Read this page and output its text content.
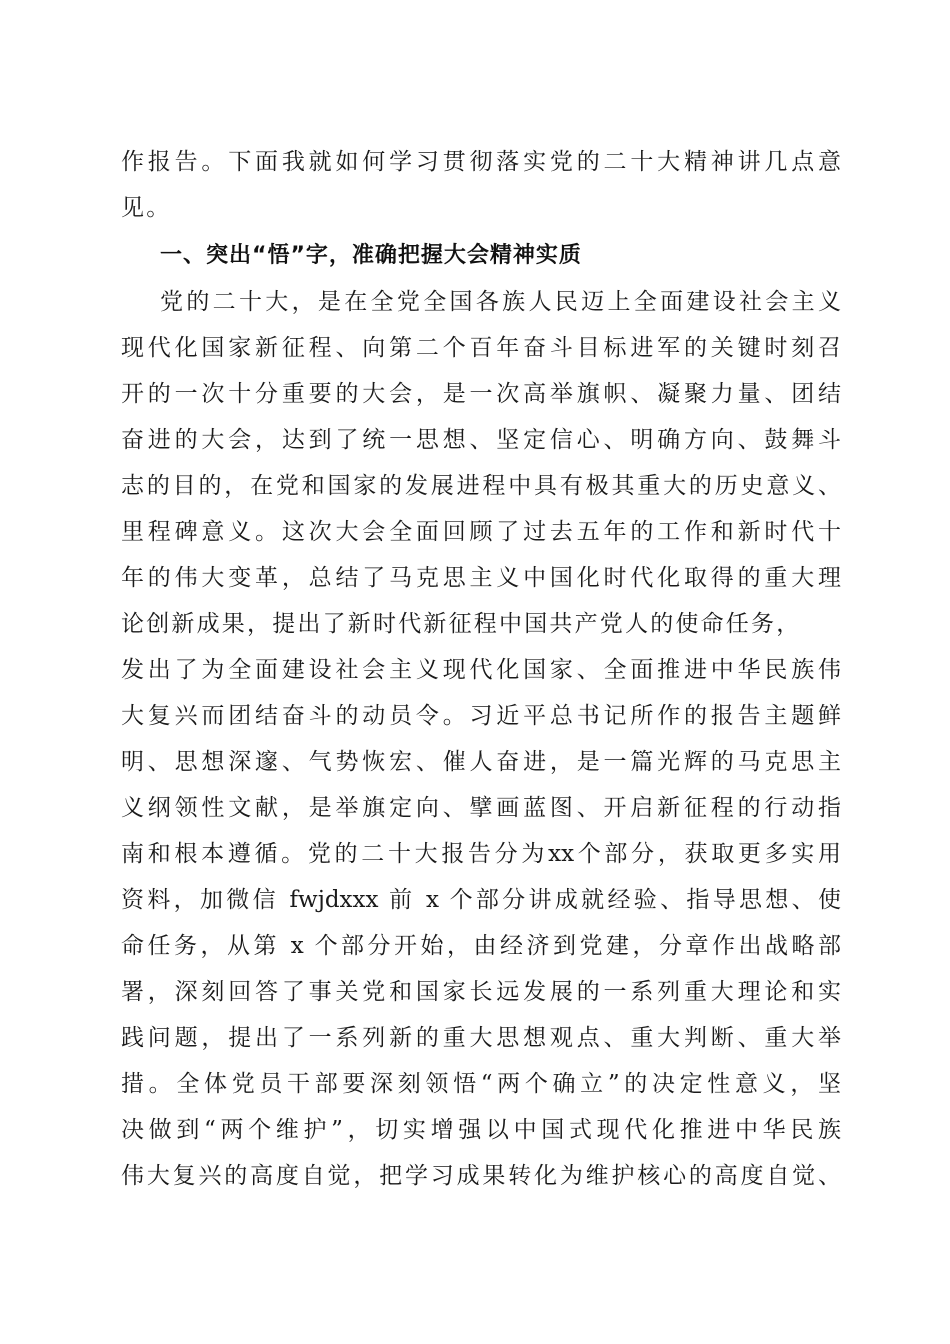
作报告。下面我就如何学习贯彻落实党的二十大精神讲几点意
见。
一、突出“悟”字，准确把握大会精神实质
党的二十大，是在全党全国各族人民迈上全面建设社会主义
现代化国家新征程、向第二个百年奋斗目标进军的关键时刻召
开的一次十分重要的大会，是一次高举旗帜、凝聚力量、团结
奋进的大会，达到了统一思想、坚定信心、明确方向、鼓舞斗
志的目的，在党和国家的发展进程中具有极其重大的历史意义、
里程碑意义。这次大会全面回顾了过去五年的工作和新时代十
年的伟大变革，总结了马克思主义中国化时代化取得的重大理
论创新成果，提出了新时代新征程中国共产党人的使命任务，
发出了为全面建设社会主义现代化国家、全面推进中华民族伟
大复兴而团结奋斗的动员令。习近平总书记所作的报告主题鲜
明、思想深邃、气势恢宏、催人奋进，是一篇光辉的马克思主
义纲领性文献，是举旗定向、擘画蓝图、开启新征程的行动指
南和根本遵循。党的二十大报告分为xx个部分，获取更多实用
资料，加微信 fwjdxxx 前 x 个部分讲成就经验、指导思想、使
命任务，从第 x 个部分开始，由经济到党建，分章作出战略部
署，深刻回答了事关党和国家长远发展的一系列重大理论和实
践问题，提出了一系列新的重大思想观点、重大判断、重大举
措。全体党员干部要深刻领悟“两个确立”的决定性意义，坚
决做到“两个维护”，切实增强以中国式现代化推进中华民族
伟大复兴的高度自觉，把学习成果转化为维护核心的高度自觉、
